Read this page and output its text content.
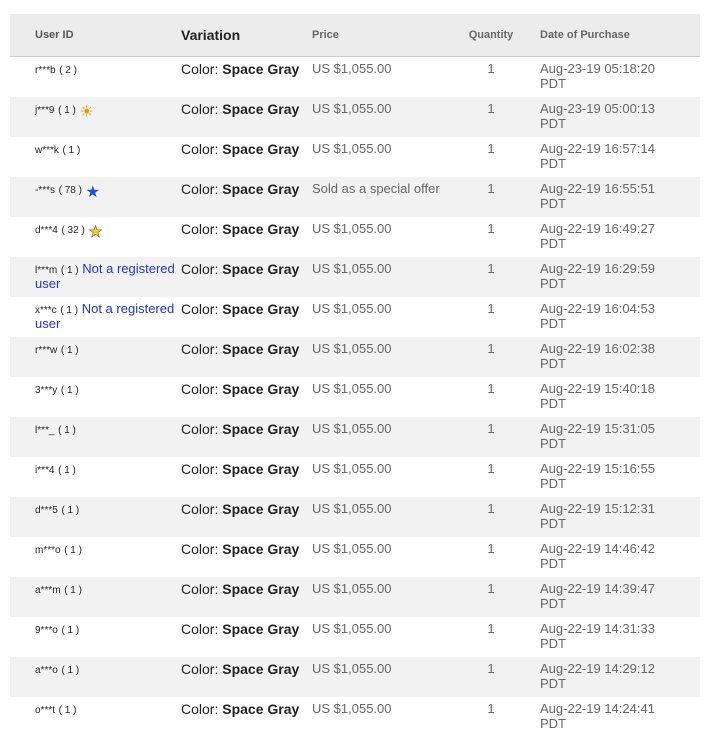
User ID	Variation	Price	Quantity	Date of Purchase
r***b ( 2 )	Color: Space Gray	US $1,055.00	1	Aug-23-19 05:18:20
PDT
j***9 ( 1 ) ☀	Color: Space Gray	US $1,055.00	1	Aug-23-19 05:00:13
PDT
w***k ( 1 )	Color: Space Gray	US $1,055.00	1	Aug-22-19 16:57:14
PDT
-***s ( 78 ) ★	Color: Space Gray	Sold as a special offer	1	Aug-22-19 16:55:51
PDT
d***4 ( 32 ) ★	Color: Space Gray	US $1,055.00	1	Aug-22-19 16:49:27
PDT
l***m ( 1 ) Not a registered user	Color: Space Gray	US $1,055.00	1	Aug-22-19 16:29:59
PDT
x***c ( 1 ) Not a registered user	Color: Space Gray	US $1,055.00	1	Aug-22-19 16:04:53
PDT
r***w ( 1 )	Color: Space Gray	US $1,055.00	1	Aug-22-19 16:02:38
PDT
3***y ( 1 )	Color: Space Gray	US $1,055.00	1	Aug-22-19 15:40:18
PDT
l***_ ( 1 )	Color: Space Gray	US $1,055.00	1	Aug-22-19 15:31:05
PDT
i***4 ( 1 )	Color: Space Gray	US $1,055.00	1	Aug-22-19 15:16:55
PDT
d***5 ( 1 )	Color: Space Gray	US $1,055.00	1	Aug-22-19 15:12:31
PDT
m***o ( 1 )	Color: Space Gray	US $1,055.00	1	Aug-22-19 14:46:42
PDT
a***m ( 1 )	Color: Space Gray	US $1,055.00	1	Aug-22-19 14:39:47
PDT
9***o ( 1 )	Color: Space Gray	US $1,055.00	1	Aug-22-19 14:31:33
PDT
a***o ( 1 )	Color: Space Gray	US $1,055.00	1	Aug-22-19 14:29:12
PDT
o***t ( 1 )	Color: Space Gray	US $1,055.00	1	Aug-22-19 14:24:41
PDT
